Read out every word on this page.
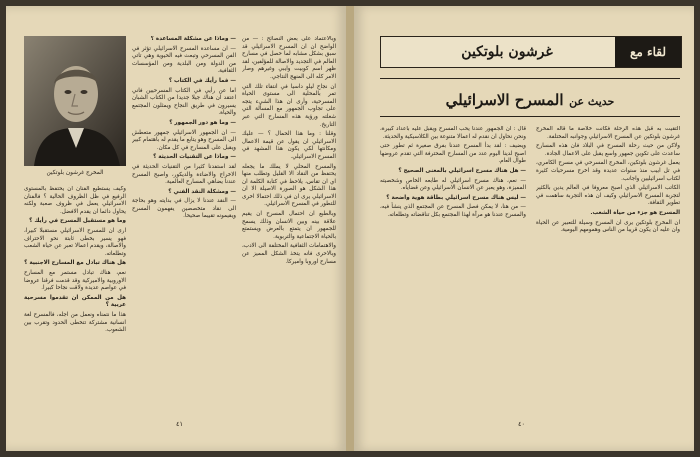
المخرج غرشون بلوتكين

وبالاعتماد على بعض النصائح : — من الواضح ان ان المسرح الاسرائيلي قد سبق بشكل مشابه لما حصل في مسارح العالم في التجديد والاصالة للمؤلفين، لقد ظهر اسم كوبيت وايبي وغيرهم وصار الامر كله الى المنهج النتاجي.

ان نجاح ليلو داسيا في انتقاء تلك التي تمر بالمحلية الى مستوى الحياة المسرحية، وأرى ان هذا الشيء يتجه على تجاوب الجمهور مع المسألة التي شغلته ورؤية هذه المسارح التي عبر التاريخ.

وقلنا : وما هذا الحمال ؟ — عليك الاسرائيلي ان يقول عن قيمة الاعمال ومكانتها لكي يكون هذا المشهد في المسرح الاسرائيلي.

والمسرح المحلي لا يملك ما يجعله يحتفظ من النقاد الا القليل وتطلب منها اي ان تقاس، يلاحظ في كتابة الكلمة ان هذا الشكل هو الصورة الاصيلة الا ان الاسرائيلي يرى ان في ذلك احتمالا اخرى للتطور في المسرح الاسرائيلي.

وبالطبع ان احتمال المسرح ان يقيم علاقة بينه وبين الانسان وذلك يسمح للجمهور ان يتمتع بالعرض ويستمتع بالحياة الاجتماعية والتربوية.

والاهتمامات الثقافية المختلفة الى الادب، وبالاحرى فانه يتخذ الشكل المميز عن مسارح اوروبا واميركا.

— وماذا عن مشكلة المساعدة ؟

— ان مساعدة المسرح الاسرائيلي تؤثر في الفن المسرحي وتبعث فيه الحيوية وهي تاتي من الدولة ومن البلدية ومن المؤسسات الثقافية.

— فما رأيك في الكتاب ؟

اما عن رأيي في الكتاب المسرحيين فاني اعتقد ان هناك جيلا جديدا من الكتاب الشبان يسيرون في طريق النجاح ويمثلون المجتمع والحياة.

— وما هو دور الجمهور ؟

— ان الجمهور الاسرائيلي جمهور متعطش الى المسرح وهو يتابع ما يقدم له باهتمام كبير ويقبل على المسارح في كل مكان.

— وماذا عن التقنيات الحديثة ؟

لقد استفدنا كثيرا من التقنيات الحديثة في الاخراج والاضاءة والديكور، واصبح المسرح عندنا يضاهي المسارح العالمية.

— ومشكلة النقد الفني ؟

— النقد عندنا لا يزال في بدايته وهو بحاجة الى نقاد متخصصين يفهمون المسرح ويقيمونه تقييما صحيحا.

وكيف يستطيع الفنان ان يحتفظ بالمستوى الرفيع في ظل الظروف الحالية ؟ فالفنان الاسرائيلي يعمل في ظروف صعبة ولكنه يحاول دائما ان يقدم الافضل.

وما هو مستقبل المسرح في رأيك ؟

ارى ان للمسرح الاسرائيلي مستقبلا كبيرا، فهو يسير بخطى ثابتة نحو الاحتراف والاصالة، ويقدم اعمالا تعبر عن حياة الشعب وتطلعاته.

هل هناك تبادل مع المسارح الاجنبية ؟

نعم، هناك تبادل مستمر مع المسارح الاوروبية والاميركية وقد قدمت فرقنا عروضا في عواصم عديدة ولاقت نجاحا كبيرا.

هل من الممكن ان تقدموا مسرحية عربية ؟

هذا ما نتمناه ونعمل من اجله، فالمسرح لغة انسانية مشتركة تتخطى الحدود وتقرب بين الشعوب.

٤١
لقاء مع
غرشون بلوتكين
حديث عن المسرح الاسرائيلي

التقيت به قبل هذه الرحلة فكانت خلاصة ما قاله المخرج غرشون بلوتكين عن المسرح الاسرائيلي وجوانبه المختلفة.

ولاكن من حيث رحلة المسرح في البلاد فان هذه المسارح ساعدت على تكوين جمهور واسع يقبل على الاعمال الجادة.

يعمل غرشون بلوتكين، المخرج المسرحي في مسرح الكامري، في تل ابيب منذ سنوات عديدة وقد اخرج مسرحيات كثيرة لكتاب اسرائيليين واجانب.

الكاتب الاسرائيلي الذي اصبح معروفا في العالم يدين بالكثير لتجربة المسرح الاسرائيلي وكيف ان هذه التجربة ساهمت في تطوير الثقافة.

المسرح هو جزء من حياة الشعب.

ان المخرج بلوتكين يرى ان المسرح وسيلة للتعبير عن الحياة وان عليه ان يكون قريبا من الناس وهمومهم اليومية.

قال : ان الجمهور عندنا يحب المسرح ويقبل عليه باعداد كبيرة، ونحن نحاول ان نقدم له اعمالا متنوعة بين الكلاسيكية والحديثة.

ويضيف : لقد بدأ المسرح عندنا بفرق صغيرة ثم تطور حتى اصبح لدينا اليوم عدد من المسارح المحترفة التي تقدم عروضها طوال العام.

— هل هناك مسرح اسرائيلي بالمعنى الصحيح ؟

— نعم، هناك مسرح اسرائيلي له طابعه الخاص وشخصيته المميزة، وهو يعبر عن الانسان الاسرائيلي وعن قضاياه.

— ليس هناك مسرح اسرائيلي بطاقة هوية واضحة ؟

— من هنا، لا يمكن فصل المسرح عن المجتمع الذي ينشأ فيه، والمسرح عندنا هو مرآة لهذا المجتمع بكل تناقضاته وتطلعاته.

٤٠
